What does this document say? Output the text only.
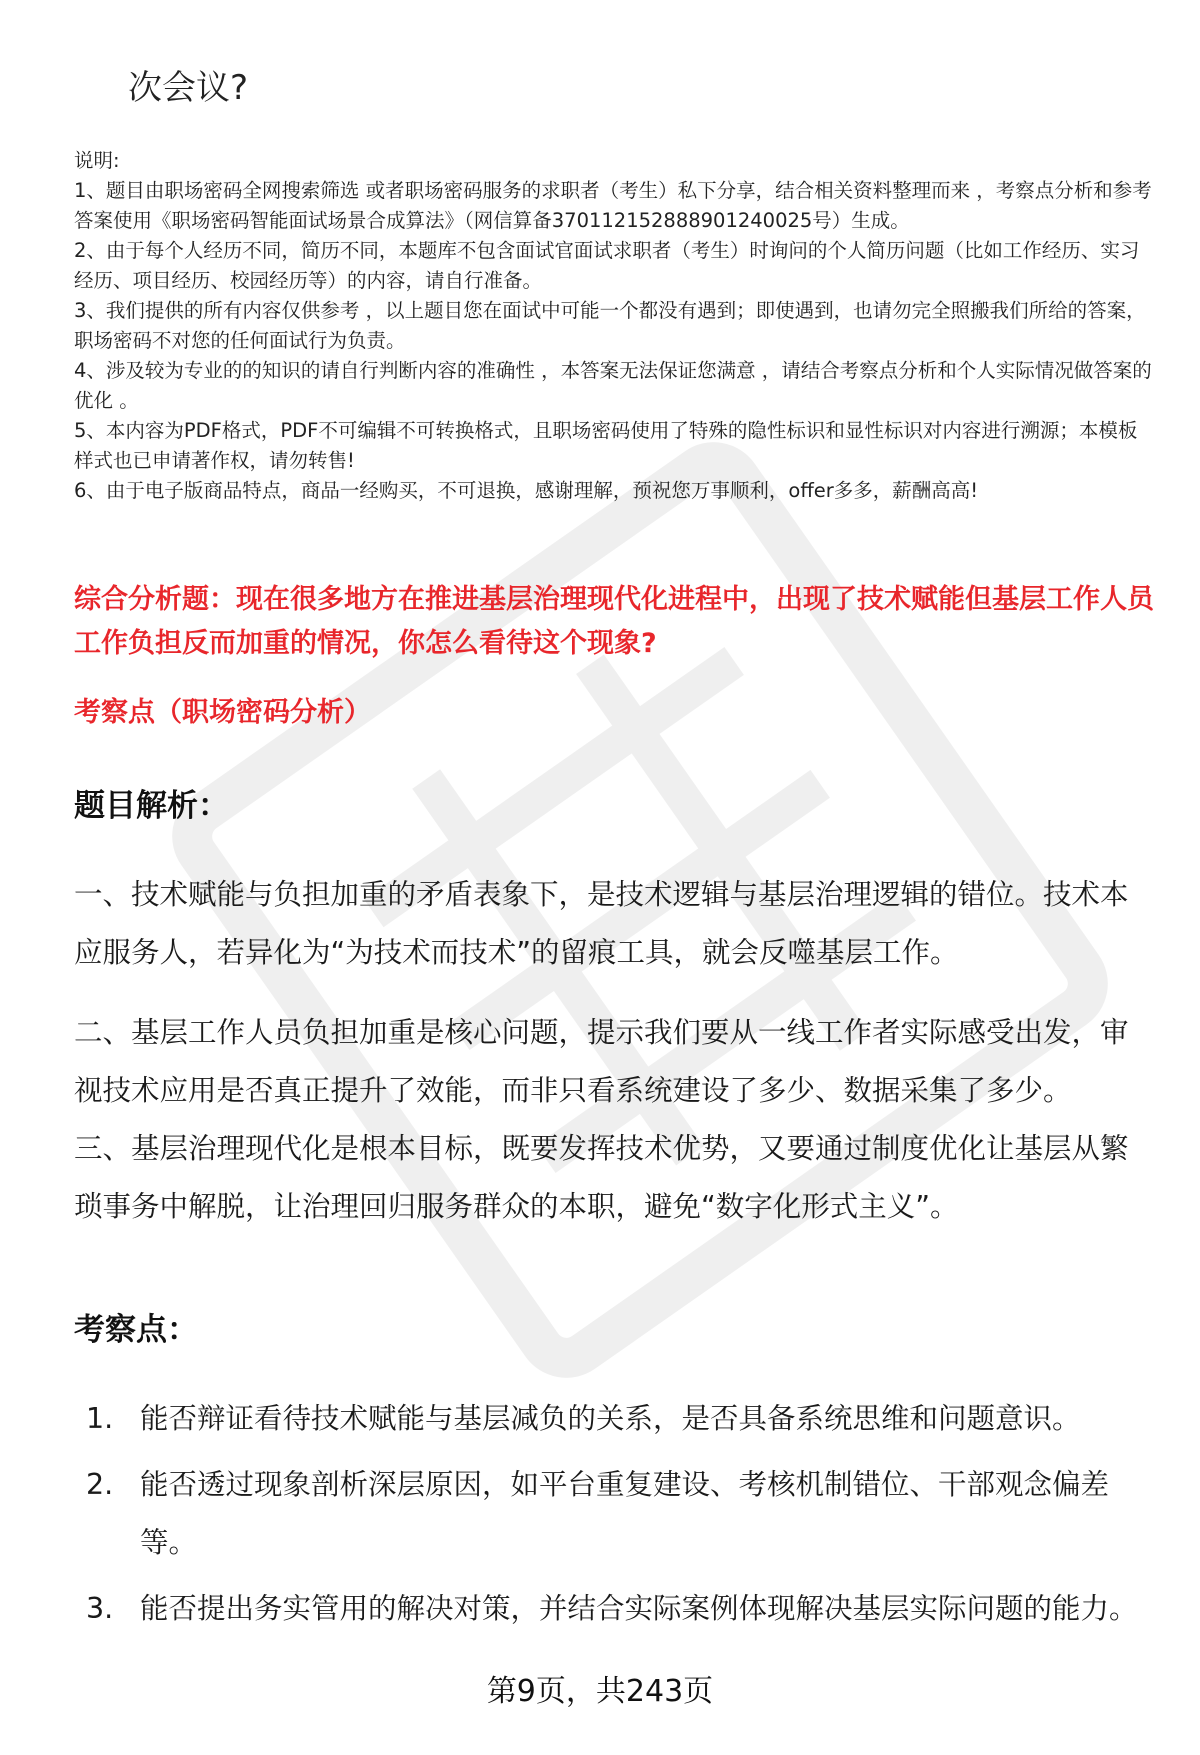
次会议?

说明:

1、题目由职场密码全网搜索筛选 或者职场密码服务的求职者（考生）私下分享，结合相关资料整理而来 ，考察点分析和参考答案使用《职场密码智能面试场景合成算法》（网信算备370112152888901240025号）生成。

2、由于每个人经历不同，简历不同，本题库不包含面试官面试求职者（考生）时询问的个人简历问题（比如工作经历、实习经历、项目经历、校园经历等）的内容，请自行准备。

3、我们提供的所有内容仅供参考 ，以上题目您在面试中可能一个都没有遇到；即使遇到，也请勿完全照搬我们所给的答案，职场密码不对您的任何面试行为负责。

4、涉及较为专业的的知识的请自行判断内容的准确性 ，本答案无法保证您满意 ，请结合考察点分析和个人实际情况做答案的优化 。

5、本内容为PDF格式，PDF不可编辑不可转换格式，且职场密码使用了特殊的隐性标识和显性标识对内容进行溯源；本模板样式也已申请著作权，请勿转售!

6、由于电子版商品特点，商品一经购买，不可退换，感谢理解，预祝您万事顺利，offer多多，薪酬高高!

综合分析题：现在很多地方在推进基层治理现代化进程中，出现了技术赋能但基层工作人员工作负担反而加重的情况，你怎么看待这个现象?
考察点（职场密码分析）
题目解析：

一、技术赋能与负担加重的矛盾表象下，是技术逻辑与基层治理逻辑的错位。技术本应服务人，若异化为“为技术而技术”的留痕工具，就会反噬基层工作。

二、基层工作人员负担加重是核心问题，提示我们要从一线工作者实际感受出发，审视技术应用是否真正提升了效能，而非只看系统建设了多少、数据采集了多少。

三、基层治理现代化是根本目标，既要发挥技术优势，又要通过制度优化让基层从繁琐事务中解脱，让治理回归服务群众的本职，避免“数字化形式主义”。

考察点：
1. 能否辩证看待技术赋能与基层减负的关系，是否具备系统思维和问题意识。
2. 能否透过现象剖析深层原因，如平台重复建设、考核机制错位、干部观念偏差等。
3. 能否提出务实管用的解决对策，并结合实际案例体现解决基层实际问题的能力。
第9页，共243页
